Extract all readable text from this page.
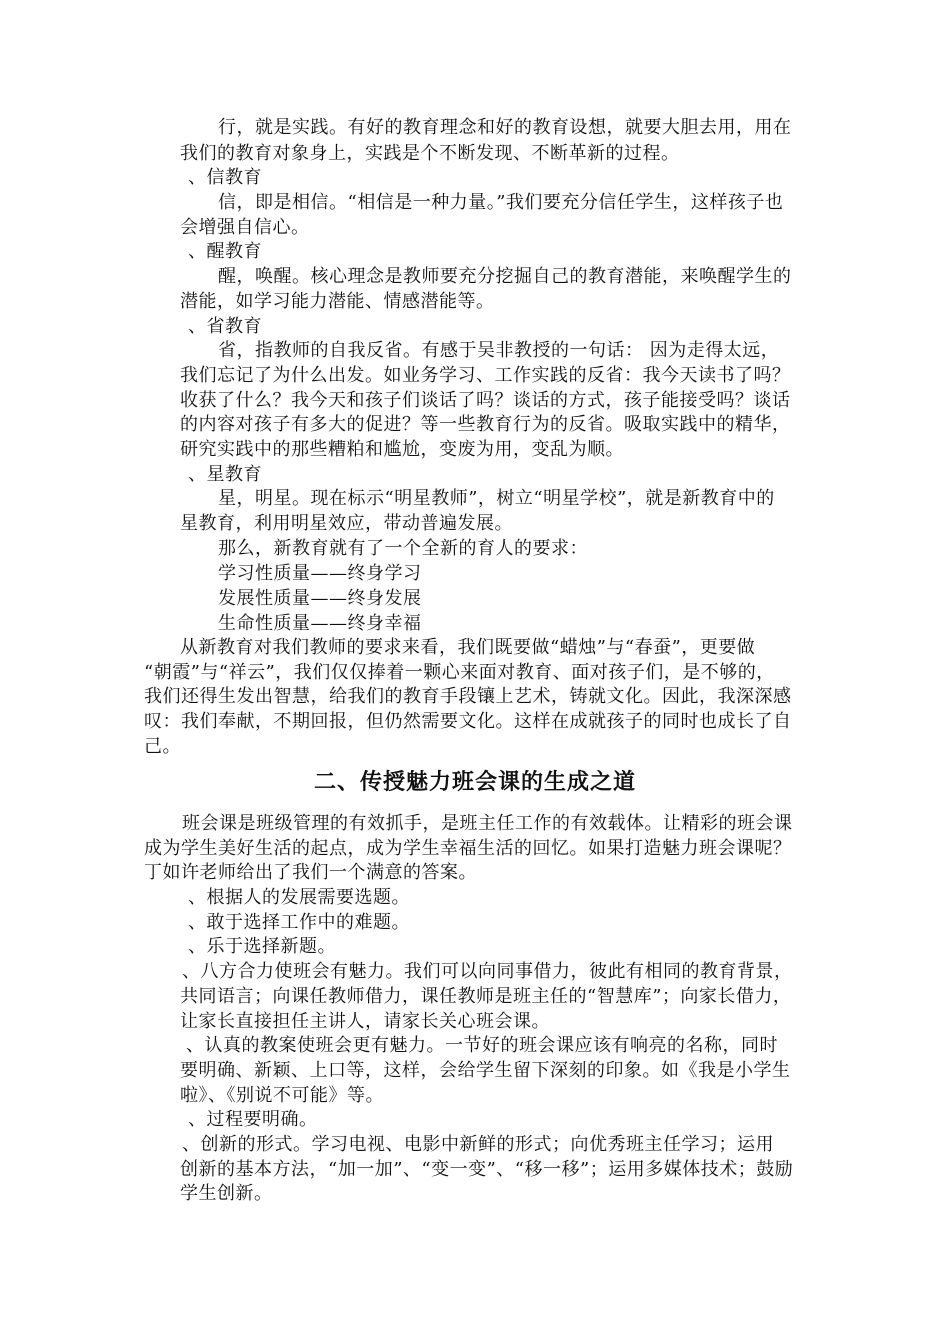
行，就是实践。有好的教育理念和好的教育设想，就要大胆去用，用在
我们的教育对象身上，实践是个不断发现、不断革新的过程。
、信教育
信，即是相信。“相信是一种力量。”我们要充分信任学生，这样孩子也
会增强自信心。
、醒教育
醒，唤醒。核心理念是教师要充分挖掘自己的教育潜能，来唤醒学生的
潜能，如学习能力潜能、情感潜能等。
、省教育
省，指教师的自我反省。有感于吴非教授的一句话： 因为走得太远，
我们忘记了为什么出发。如业务学习、工作实践的反省：我今天读书了吗？
收获了什么？我今天和孩子们谈话了吗？谈话的方式，孩子能接受吗？谈话
的内容对孩子有多大的促进？等一些教育行为的反省。吸取实践中的精华，
研究实践中的那些糟粕和尴尬，变废为用，变乱为顺。
、星教育
星，明星。现在标示“明星教师”，树立“明星学校”，就是新教育中的
星教育，利用明星效应，带动普遍发展。
那么，新教育就有了一个全新的育人的要求：
学习性质量——终身学习
发展性质量——终身发展
生命性质量——终身幸福
从新教育对我们教师的要求来看，我们既要做“蜡烛”与“春蚕”，更要做
“朝霞”与“祥云”，我们仅仅捧着一颗心来面对教育、面对孩子们，是不够的，
我们还得生发出智慧，给我们的教育手段镶上艺术，铸就文化。因此，我深深感
叹：我们奉献，不期回报，但仍然需要文化。这样在成就孩子的同时也成长了自
己。
二、传授魅力班会课的生成之道
班会课是班级管理的有效抓手，是班主任工作的有效载体。让精彩的班会课
成为学生美好生活的起点，成为学生幸福生活的回忆。如果打造魅力班会课呢？
丁如许老师给出了我们一个满意的答案。
、根据人的发展需要选题。
、敢于选择工作中的难题。
、乐于选择新题。
、八方合力使班会有魅力。我们可以向同事借力，彼此有相同的教育背景，
共同语言；向课任教师借力，课任教师是班主任的“智慧库”；向家长借力，
让家长直接担任主讲人，请家长关心班会课。
、认真的教案使班会更有魅力。一节好的班会课应该有响亮的名称，同时
要明确、新颖、上口等，这样，会给学生留下深刻的印象。如《我是小学生
啦》、《别说不可能》等。
、过程要明确。
、创新的形式。学习电视、电影中新鲜的形式；向优秀班主任学习；运用
创新的基本方法，“加一加”、“变一变”、“移一移”；运用多媒体技术；鼓励
学生创新。
